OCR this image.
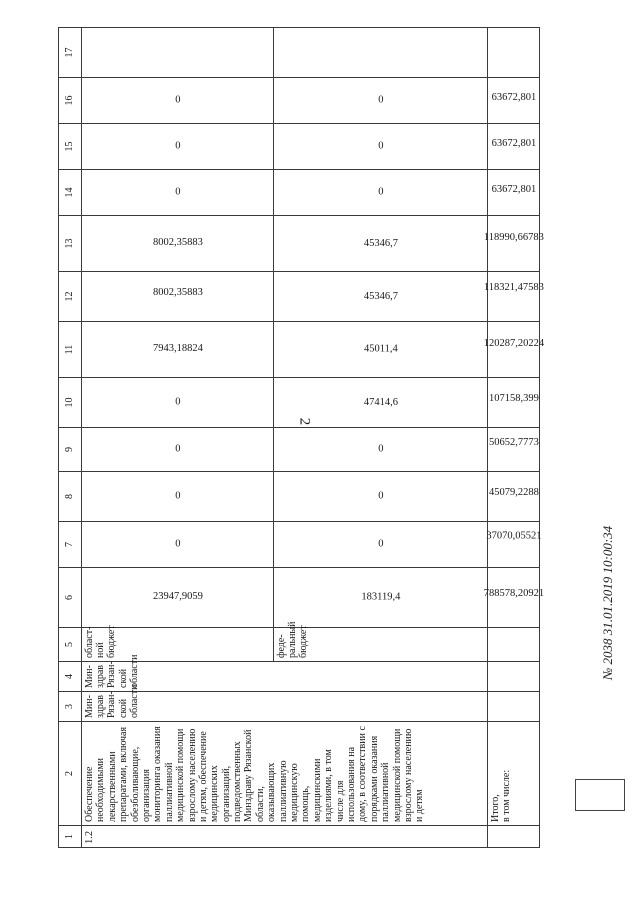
2
1	2	3	4	5	6	7	8	9	10	11	12	13	14	15	16	17
1.2	Обеспечение необходимыми лекарственными препаратами, включая обезболивающие, организация мониторинга оказания паллиативной медицинской помощи взрослому населению и детям, обеспечение медицинских организаций, подведомственных Минздраву Рязанской области, оказывающих паллиативную медицинскую помощь, медицинскими изделиями, в том числе для использования на дому, в соответствии с порядками оказания паллиативной медицинской помощи взрослому населению и детям	Мин-здрав Рязан-ской области	Мин-здрав Рязан-ской области	област-ной бюджет	23947,9059	0	0	0	0	7943,18824	8002,35883	8002,35883	0	0	0	
				феде-ральный бюджет	183119,4	0	0	0	47414,6	45011,4	45346,7	45346,7	0	0	0	

	Итого, в том числе:				788578,20921	37070,05521	45079,2288	50652,7773	107158,399	120287,20224	118321,47583	118990,66783	63672,801	63672,801	63672,801	
№ 2038 31.01.2019 10:00:34
